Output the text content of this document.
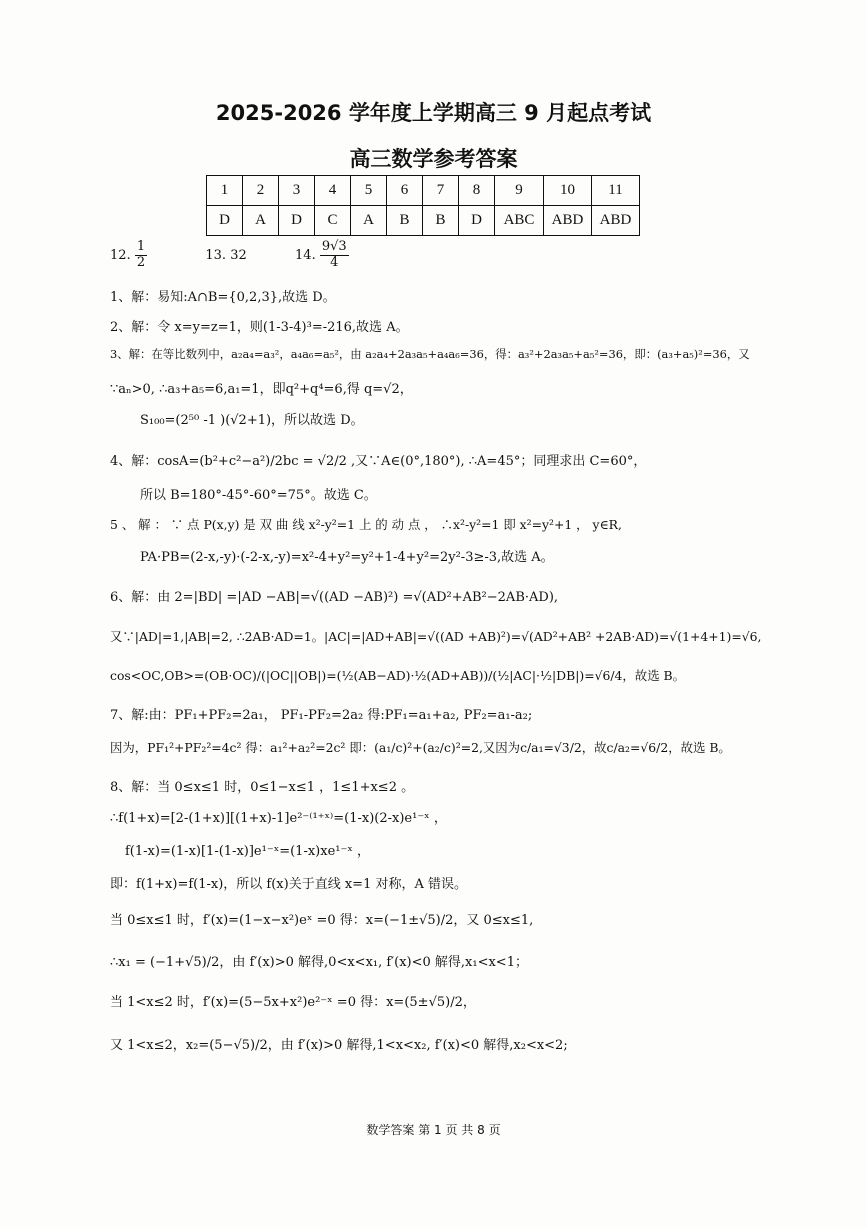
2025-2026 学年度上学期高三 9 月起点考试
高三数学参考答案
1	2	3	4	5	6	7	8	9	10	11
D	A	D	C	A	B	B	D	ABC	ABD	ABD
12. $\frac{1}{2}$	13. 32	14. $\frac{9√3}{4}$
1、解：易知:A∩B={0,2,3},故选 D。
2、解：令 x=y=z=1，则(1-3-4)³=-216,故选 A。
3、解：在等比数列中，a₂a₄=a₃²，a₄a₆=a₅²，由 a₂a₄+2a₃a₅+a₄a₆=36，得：a₃²+2a₃a₅+a₅²=36，即：(a₃+a₅)²=36，又
∵aₙ>0, ∴a₃+a₅=6,a₁=1，即q²+q⁴=6,得 q=√2，
S₁₀₀=(2⁵⁰ -1 )(√2+1)，所以故选 D。
4、解：cosA=(b²+c²−a²)/2bc = √2/2 ,又∵A∈(0°,180°), ∴A=45°；同理求出 C=60°，
所以 B=180°-45°-60°=75°。故选 C。
5 、 解 ： ∵ 点 P(x,y) 是 双 曲 线 x²-y²=1 上 的 动 点 ， ∴x²-y²=1 即 x²=y²+1 ， y∈R,
PA·PB=(2-x,-y)·(-2-x,-y)=x²-4+y²=y²+1-4+y²=2y²-3≥-3,故选 A。
6、解：由 2=|BD| =|AD −AB|=√((AD −AB)²) =√(AD²+AB²−2AB·AD),
又∵|AD|=1,|AB|=2, ∴2AB·AD=1。|AC|=|AD+AB|=√((AD +AB)²)=√(AD²+AB² +2AB·AD)=√(1+4+1)=√6,
cos<OC,OB>=(OB·OC)/(|OC||OB|)=(½(AB−AD)·½(AD+AB))/(½|AC|·½|DB|)=√6/4，故选 B。
7、解:由：PF₁+PF₂=2a₁， PF₁-PF₂=2a₂ 得:PF₁=a₁+a₂, PF₂=a₁-a₂;
因为，PF₁²+PF₂²=4c² 得：a₁²+a₂²=2c² 即：(a₁/c)²+(a₂/c)²=2,又因为c/a₁=√3/2，故c/a₂=√6/2，故选 B。
8、解：当 0≤x≤1 时，0≤1−x≤1 ，1≤1+x≤2 。
∴f(1+x)=[2-(1+x)][(1+x)-1]e²⁻⁽¹⁺ˣ⁾=(1-x)(2-x)e¹⁻ˣ ，
f(1-x)=(1-x)[1-(1-x)]e¹⁻ˣ=(1-x)xe¹⁻ˣ ，
即：f(1+x)=f(1-x)，所以 f(x)关于直线 x=1 对称，A 错误。
当 0≤x≤1 时，f′(x)=(1−x−x²)eˣ =0 得：x=(−1±√5)/2，又 0≤x≤1,
∴x₁ = (−1+√5)/2，由 f′(x)>0 解得,0<x<x₁, f′(x)<0 解得,x₁<x<1；
当 1<x≤2 时，f′(x)=(5−5x+x²)e²⁻ˣ =0 得：x=(5±√5)/2，
又 1<x≤2，x₂=(5−√5)/2，由 f′(x)>0 解得,1<x<x₂, f′(x)<0 解得,x₂<x<2;
数学答案 第 1 页 共 8 页
